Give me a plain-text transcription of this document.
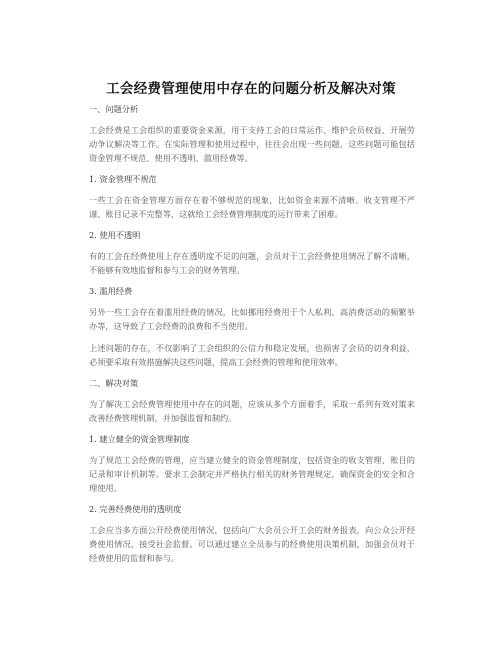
工会经费管理使用中存在的问题分析及解决对策
一、问题分析
工会经费是工会组织的重要资金来源，用于支持工会的日常运作、维护会员权益、开展劳动争议解决等工作。在实际管理和使用过程中，往往会出现一些问题，这些问题可能包括资金管理不规范、使用不透明、滥用经费等。
1. 资金管理不规范
一些工会在资金管理方面存在着不够规范的现象，比如资金来源不清晰、收支管理不严谨、账目记录不完整等，这就给工会经费管理制度的运行带来了困难。
2. 使用不透明
有的工会在经费使用上存在透明度不足的问题，会员对于工会经费使用情况了解不清晰，不能够有效地监督和参与工会的财务管理。
3. 滥用经费
另外一些工会存在着滥用经费的情况，比如挪用经费用于个人私利、高消费活动的频繁举办等，这导致了工会经费的浪费和不当使用。
上述问题的存在，不仅影响了工会组织的公信力和稳定发展，也损害了会员的切身利益，必须要采取有效措施解决这些问题，提高工会经费的管理和使用效率。
二、解决对策
为了解决工会经费管理使用中存在的问题，应该从多个方面着手，采取一系列有效对策来改善经费管理机制，并加强监督和制约。
1. 建立健全的资金管理制度
为了规范工会经费的管理，应当建立健全的资金管理制度，包括资金的收支管理、账目的记录和审计机制等。要求工会制定并严格执行相关的财务管理规定，确保资金的安全和合理使用。
2. 完善经费使用的透明度
工会应当多方面公开经费使用情况，包括向广大会员公开工会的财务报表，向公众公开经费使用情况，接受社会监督。可以通过建立全员参与的经费使用决策机制，加强会员对于经费使用的监督和参与。
